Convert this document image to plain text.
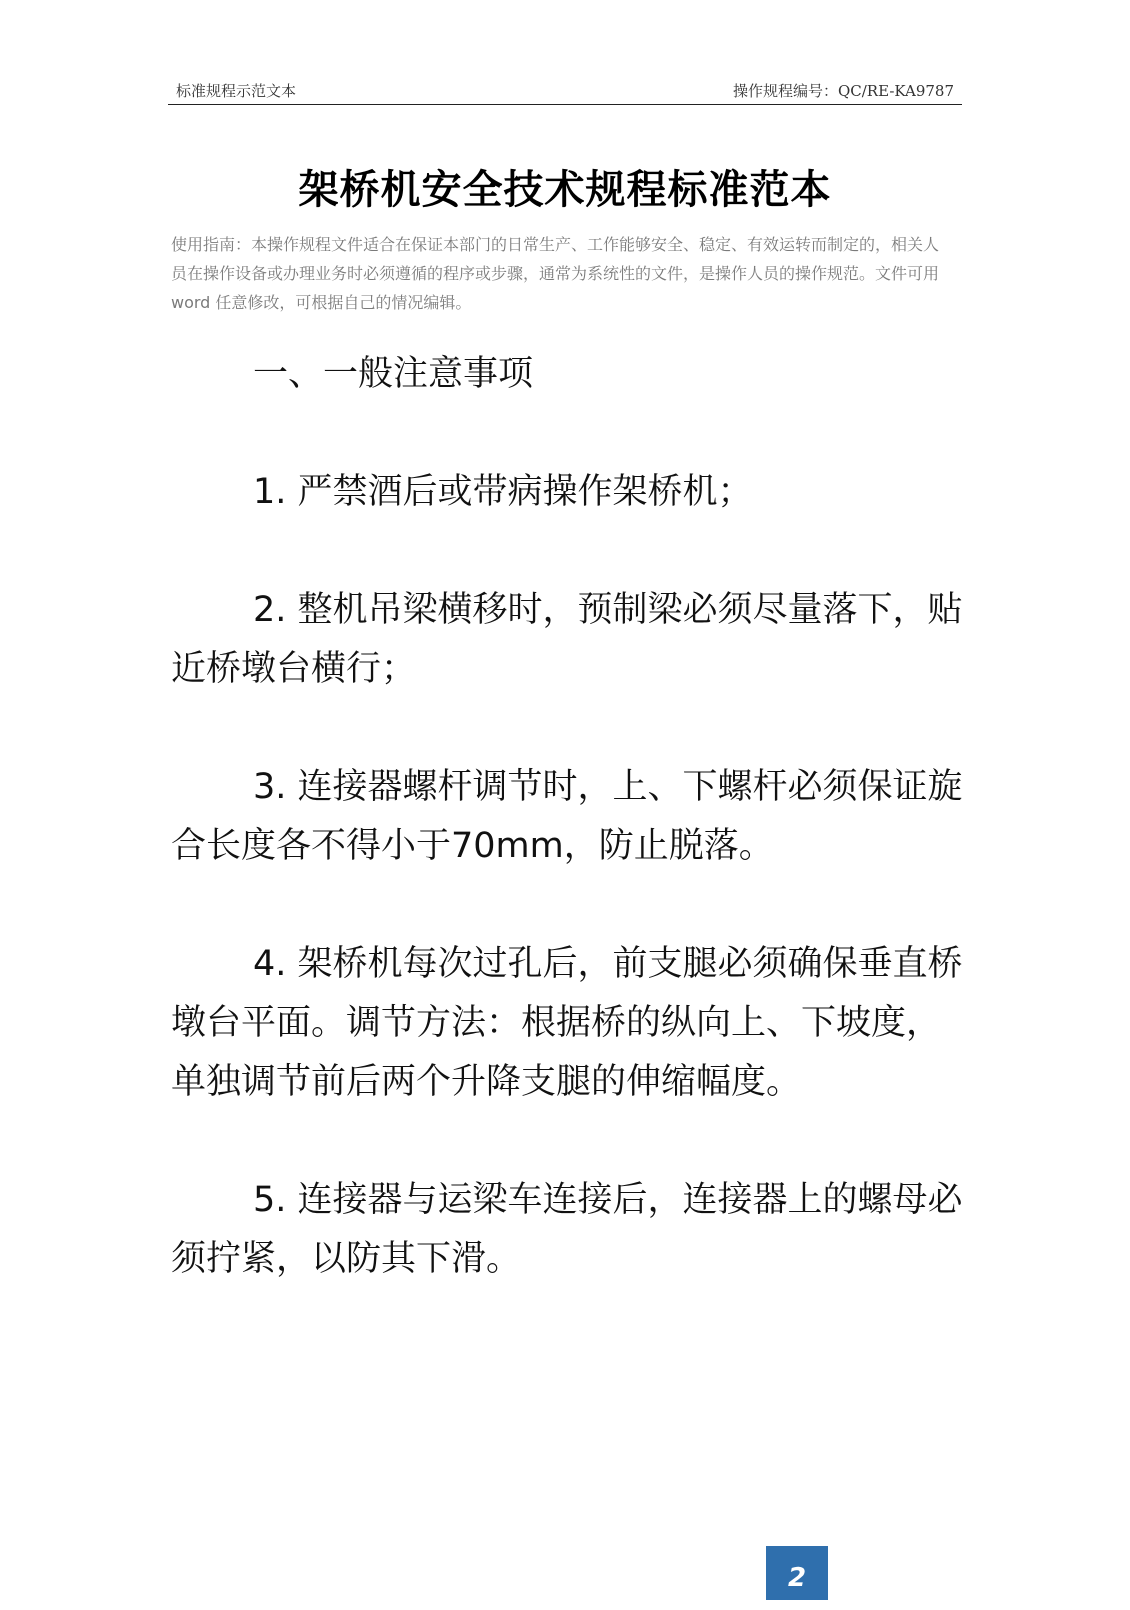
标准规程示范文本	操作规程编号：QC/RE-KA9787
架桥机安全技术规程标准范本
使用指南：本操作规程文件适合在保证本部门的日常生产、工作能够安全、稳定、有效运转而制定的，相关人员在操作设备或办理业务时必须遵循的程序或步骤，通常为系统性的文件，是操作人员的操作规范。文件可用 word 任意修改，可根据自己的情况编辑。

一、一般注意事项

1. 严禁酒后或带病操作架桥机；

2. 整机吊梁横移时，预制梁必须尽量落下，贴近桥墩台横行；

3. 连接器螺杆调节时，上、下螺杆必须保证旋合长度各不得小于70mm，防止脱落。

4. 架桥机每次过孔后，前支腿必须确保垂直桥墩台平面。调节方法：根据桥的纵向上、下坡度，单独调节前后两个升降支腿的伸缩幅度。

5. 连接器与运梁车连接后，连接器上的螺母必须拧紧，以防其下滑。

2
